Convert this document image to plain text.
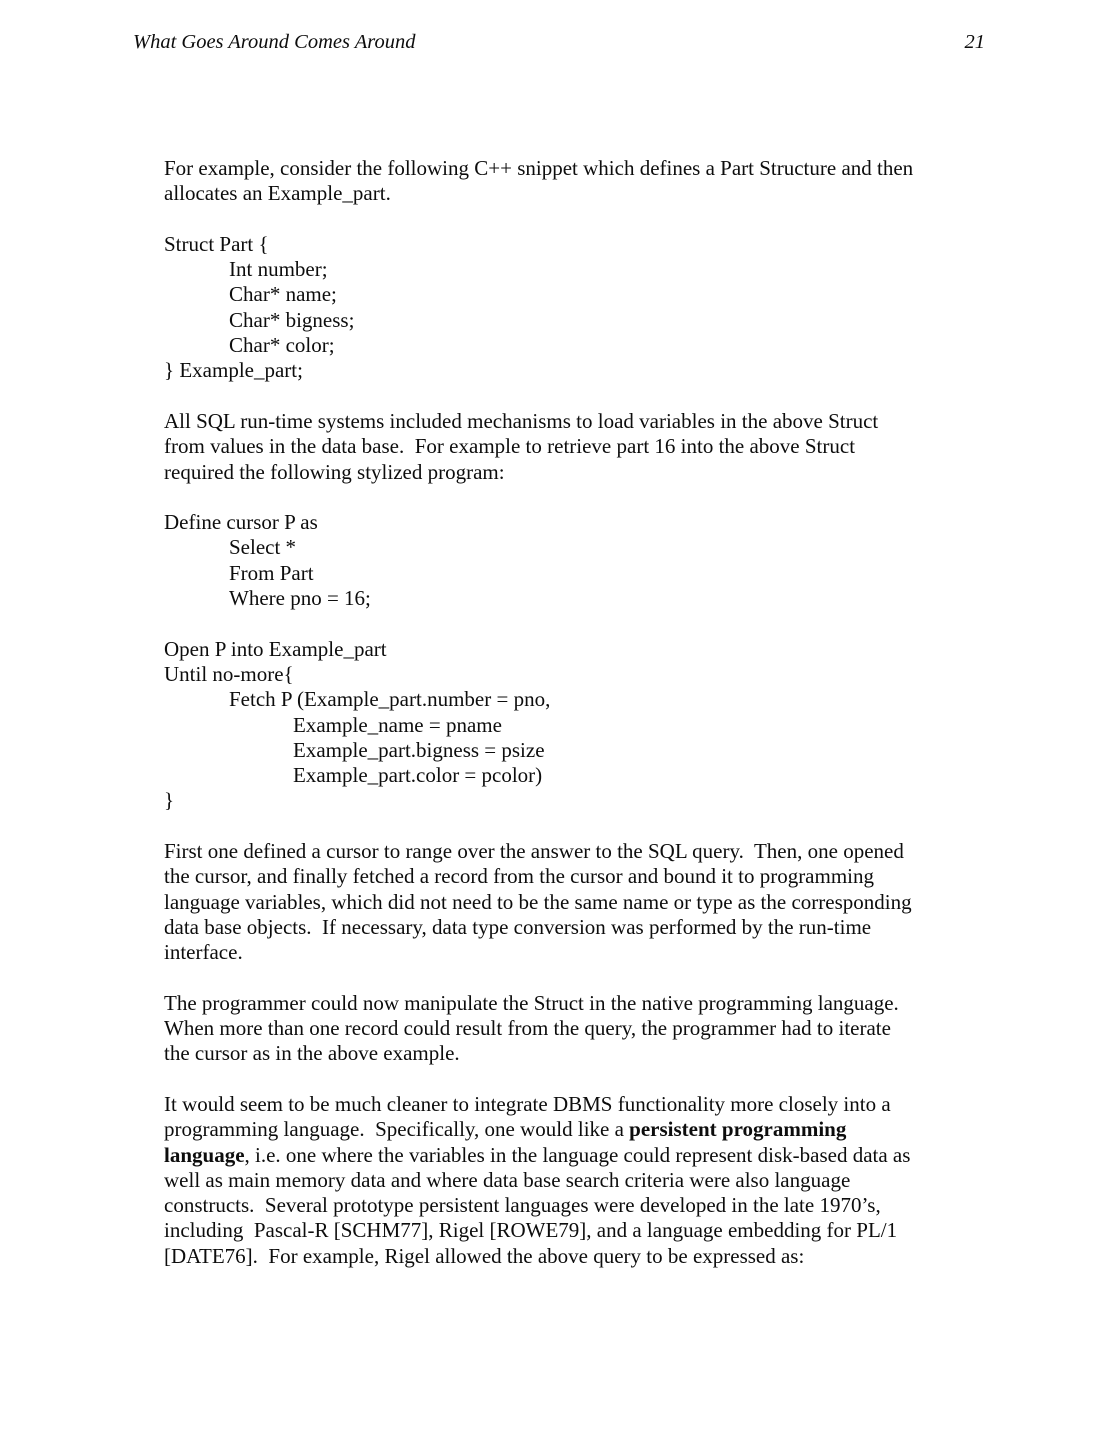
What Goes Around Comes Around	21
For example, consider the following C++ snippet which defines a Part Structure and then
allocates an Example_part.
Struct Part {
Int number;
Char* name;
Char* bigness;
Char* color;
} Example_part;
All SQL run-time systems included mechanisms to load variables in the above Struct
from values in the data base.  For example to retrieve part 16 into the above Struct
required the following stylized program:
Define cursor P as
Select *
From Part
Where pno = 16;
Open P into Example_part
Until no-more{
Fetch P (Example_part.number = pno,
Example_name = pname
Example_part.bigness = psize
Example_part.color = pcolor)
}
First one defined a cursor to range over the answer to the SQL query.  Then, one opened
the cursor, and finally fetched a record from the cursor and bound it to programming
language variables, which did not need to be the same name or type as the corresponding
data base objects.  If necessary, data type conversion was performed by the run-time
interface.
The programmer could now manipulate the Struct in the native programming language.
When more than one record could result from the query, the programmer had to iterate
the cursor as in the above example.
It would seem to be much cleaner to integrate DBMS functionality more closely into a
programming language.  Specifically, one would like a persistent programming
language, i.e. one where the variables in the language could represent disk-based data as
well as main memory data and where data base search criteria were also language
constructs.  Several prototype persistent languages were developed in the late 1970’s,
including  Pascal-R [SCHM77], Rigel [ROWE79], and a language embedding for PL/1
[DATE76].  For example, Rigel allowed the above query to be expressed as:
